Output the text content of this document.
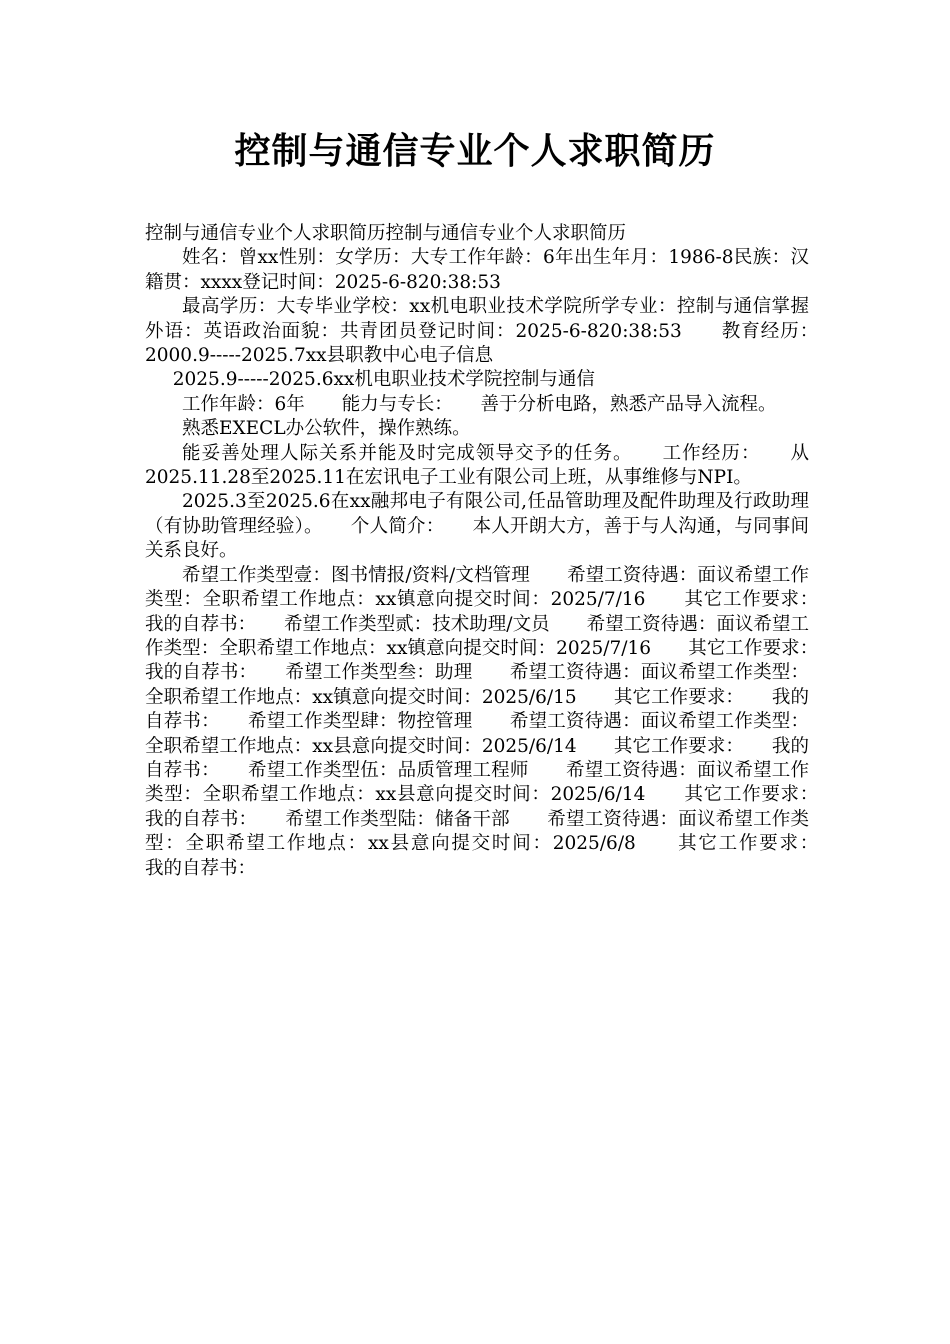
控制与通信专业个人求职简历

控制与通信专业个人求职简历控制与通信专业个人求职简历

姓名：曾xx性别：女学历：大专工作年龄：6年出生年月：1986-8民族：汉籍贯：xxxx登记时间：2025-6-820:38:53

最高学历：大专毕业学校：xx机电职业技术学院所学专业：控制与通信掌握外语：英语政治面貌：共青团员登记时间：2025-6-820:38:53　　教育经历：　　2000.9-----2025.7xx县职教中心电子信息

2025.9-----2025.6xx机电职业技术学院控制与通信

工作年龄：6年　　能力与专长：　　善于分析电路，熟悉产品导入流程。

熟悉EXECL办公软件，操作熟练。

能妥善处理人际关系并能及时完成领导交予的任务。　　工作经历：　　从2025.11.28至2025.11在宏讯电子工业有限公司上班，从事维修与NPI。

2025.3至2025.6在xx融邦电子有限公司,任品管助理及配件助理及行政助理（有协助管理经验）。　　个人简介：　　本人开朗大方，善于与人沟通，与同事间关系良好。

希望工作类型壹：图书情报/资料/文档管理　　希望工资待遇：面议希望工作类型：全职希望工作地点：xx镇意向提交时间：2025/7/16　　其它工作要求：　　我的自荐书：　　希望工作类型贰：技术助理/文员　　希望工资待遇：面议希望工作类型：全职希望工作地点：xx镇意向提交时间：2025/7/16　　其它工作要求：　　我的自荐书：　　希望工作类型叁：助理　　希望工资待遇：面议希望工作类型：全职希望工作地点：xx镇意向提交时间：2025/6/15　　其它工作要求：　　我的自荐书：　　希望工作类型肆：物控管理　　希望工资待遇：面议希望工作类型：全职希望工作地点：xx县意向提交时间：2025/6/14　　其它工作要求：　　我的自荐书：　　希望工作类型伍：品质管理工程师　　希望工资待遇：面议希望工作类型：全职希望工作地点：xx县意向提交时间：2025/6/14　　其它工作要求：　　我的自荐书：　　希望工作类型陆：储备干部　　希望工资待遇：面议希望工作类型：全职希望工作地点：xx县意向提交时间：2025/6/8　　其它工作要求：　　我的自荐书：
